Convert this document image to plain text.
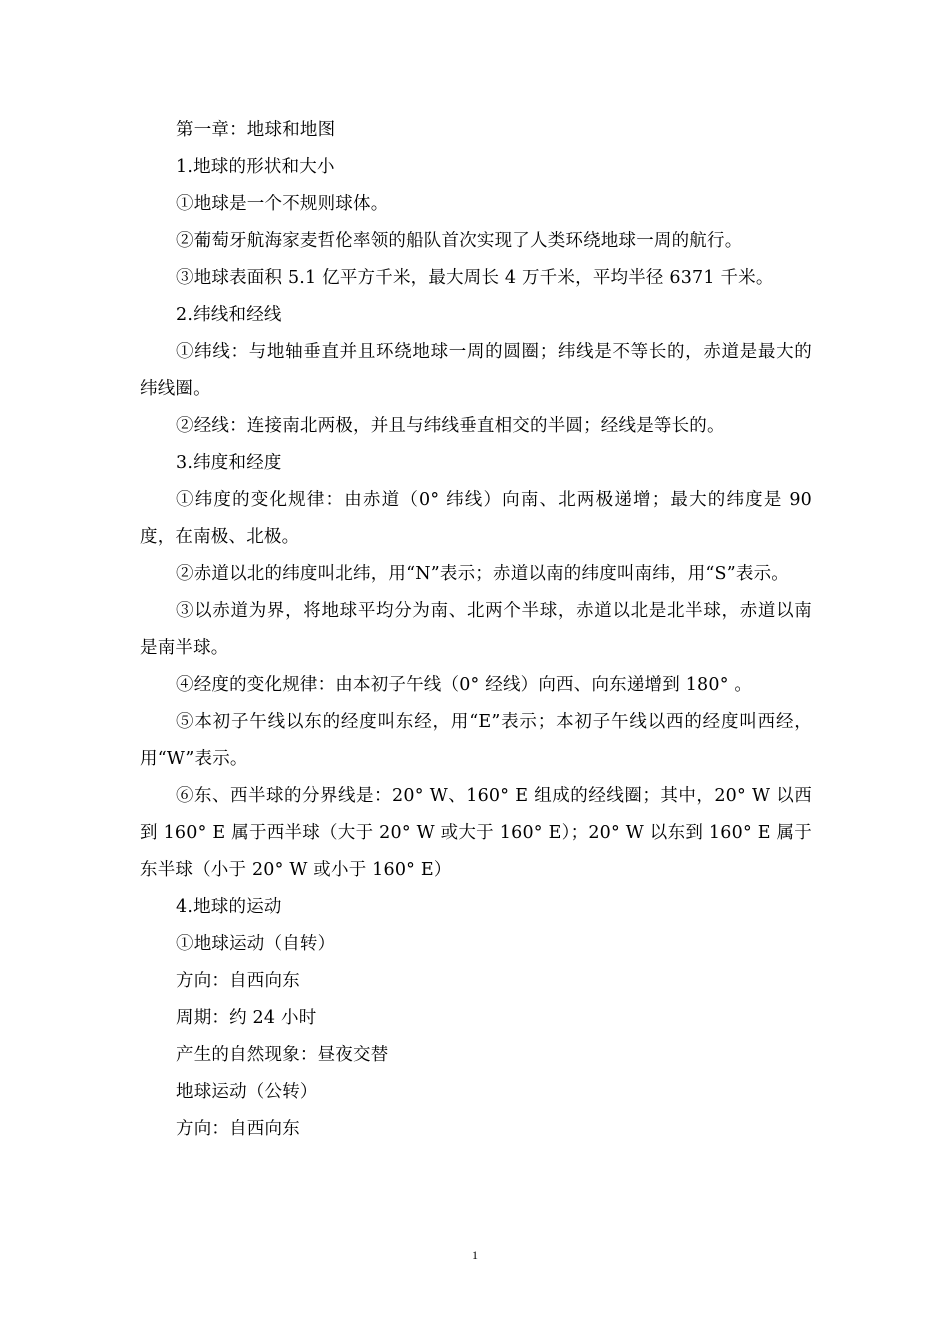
第一章：地球和地图

1.地球的形状和大小

①地球是一个不规则球体。

②葡萄牙航海家麦哲伦率领的船队首次实现了人类环绕地球一周的航行。

③地球表面积 5.1 亿平方千米，最大周长 4 万千米，平均半径 6371 千米。

2.纬线和经线

①纬线：与地轴垂直并且环绕地球一周的圆圈；纬线是不等长的，赤道是最大的纬线圈。

②经线：连接南北两极，并且与纬线垂直相交的半圆；经线是等长的。

3.纬度和经度

①纬度的变化规律：由赤道（0° 纬线）向南、北两极递增；最大的纬度是 90 度，在南极、北极。

②赤道以北的纬度叫北纬，用“N”表示；赤道以南的纬度叫南纬，用“S”表示。

③以赤道为界，将地球平均分为南、北两个半球，赤道以北是北半球，赤道以南是南半球。

④经度的变化规律：由本初子午线（0° 经线）向西、向东递增到 180° 。

⑤本初子午线以东的经度叫东经，用“E”表示；本初子午线以西的经度叫西经，用“W”表示。

⑥东、西半球的分界线是：20° W、160° E 组成的经线圈；其中，20° W 以西到 160° E 属于西半球（大于 20° W 或大于 160° E）；20° W 以东到 160° E 属于东半球（小于 20° W 或小于 160° E）

4.地球的运动

①地球运动（自转）

方向：自西向东

周期：约 24 小时

产生的自然现象：昼夜交替

地球运动（公转）

方向：自西向东

1
